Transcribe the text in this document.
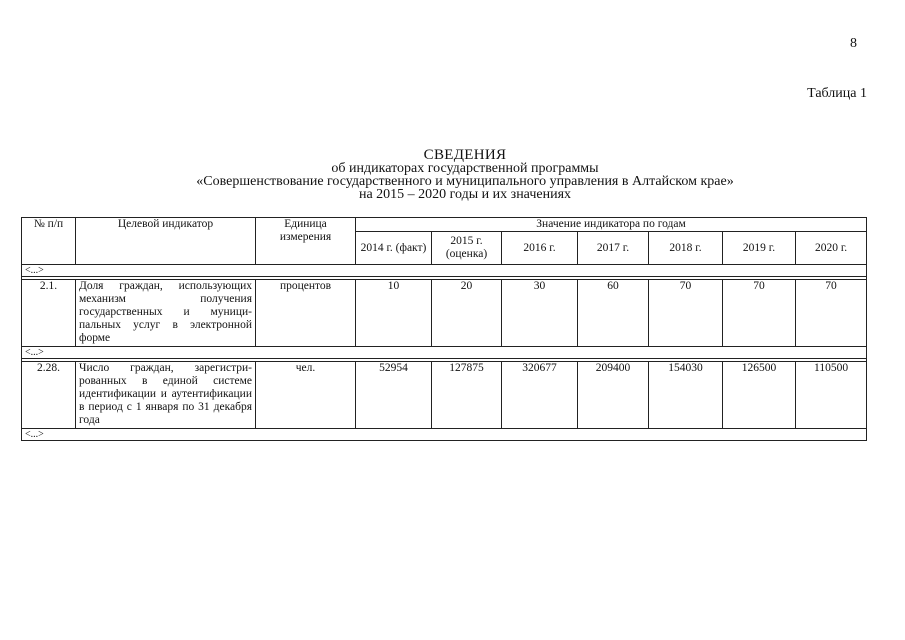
8
Таблица 1
СВЕДЕНИЯ
об индикаторах государственной программы
«Совершенствование государственного и муниципального управления в Алтайском крае»
на 2015 – 2020 годы и их значениях
№ п/п	Целевой индикатор	Единица измерения	Значение индикатора по годам						
			2014 г. (факт)	2015 г. (оценка)	2016 г.	2017 г.	2018 г.	2019 г.	2020 г.
<...>									

2.1.	Доля граждан, использующих механизм получения государственных и муниципальных услуг в электронной форме	процентов	10	20	30	60	70	70	70
<...>									

2.28.	Число граждан, зарегистрированных в единой системе идентификации и аутентификации в период с 1 января по 31 декабря года	чел.	52954	127875	320677	209400	154030	126500	110500
<...>									
